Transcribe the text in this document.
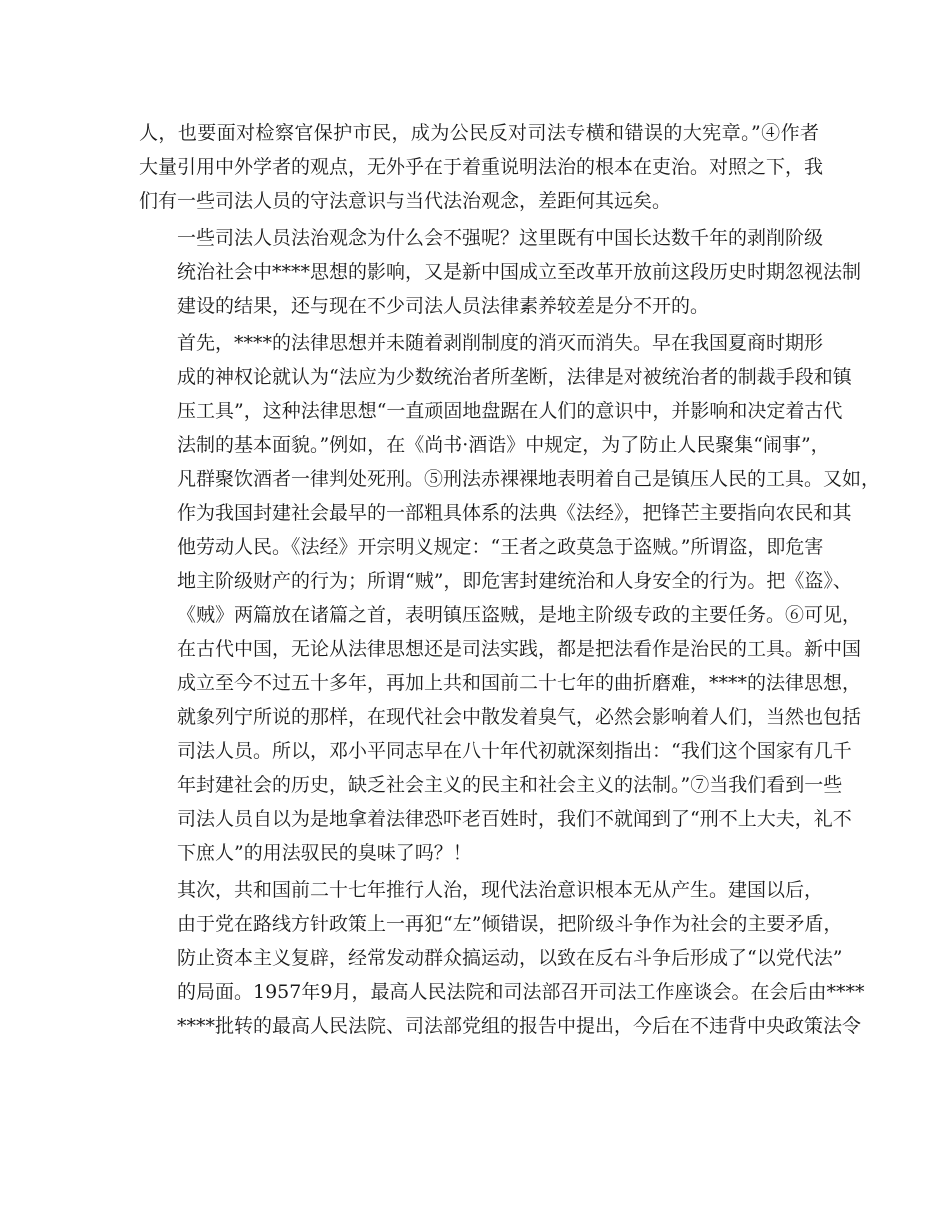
人，也要面对检察官保护市民，成为公民反对司法专横和错误的大宪章。”④作者
大量引用中外学者的观点，无外乎在于着重说明法治的根本在吏治。对照之下，我
们有一些司法人员的守法意识与当代法治观念，差距何其远矣。
一些司法人员法治观念为什么会不强呢？这里既有中国长达数千年的剥削阶级
统治社会中****思想的影响，又是新中国成立至改革开放前这段历史时期忽视法制
建设的结果，还与现在不少司法人员法律素养较差是分不开的。
首先，****的法律思想并未随着剥削制度的消灭而消失。早在我国夏商时期形
成的神权论就认为“法应为少数统治者所垄断，法律是对被统治者的制裁手段和镇
压工具”，这种法律思想“一直顽固地盘踞在人们的意识中，并影响和决定着古代
法制的基本面貌。”例如，在《尚书·酒诰》中规定，为了防止人民聚集“闹事”，
凡群聚饮酒者一律判处死刑。⑤刑法赤裸裸地表明着自己是镇压人民的工具。又如，
作为我国封建社会最早的一部粗具体系的法典《法经》，把锋芒主要指向农民和其
他劳动人民。《法经》开宗明义规定：“王者之政莫急于盗贼。”所谓盗，即危害
地主阶级财产的行为；所谓“贼”，即危害封建统治和人身安全的行为。把《盗》、
《贼》两篇放在诸篇之首，表明镇压盗贼，是地主阶级专政的主要任务。⑥可见，
在古代中国，无论从法律思想还是司法实践，都是把法看作是治民的工具。新中国
成立至今不过五十多年，再加上共和国前二十七年的曲折磨难，****的法律思想，
就象列宁所说的那样，在现代社会中散发着臭气，必然会影响着人们，当然也包括
司法人员。所以，邓小平同志早在八十年代初就深刻指出：“我们这个国家有几千
年封建社会的历史，缺乏社会主义的民主和社会主义的法制。”⑦当我们看到一些
司法人员自以为是地拿着法律恐吓老百姓时，我们不就闻到了“刑不上大夫，礼不
下庶人”的用法驭民的臭味了吗？！
其次，共和国前二十七年推行人治，现代法治意识根本无从产生。建国以后，
由于党在路线方针政策上一再犯“左”倾错误，把阶级斗争作为社会的主要矛盾，
防止资本主义复辟，经常发动群众搞运动，以致在反右斗争后形成了“以党代法”
的局面。1957年9月，最高人民法院和司法部召开司法工作座谈会。在会后由****
****批转的最高人民法院、司法部党组的报告中提出，今后在不违背中央政策法令
